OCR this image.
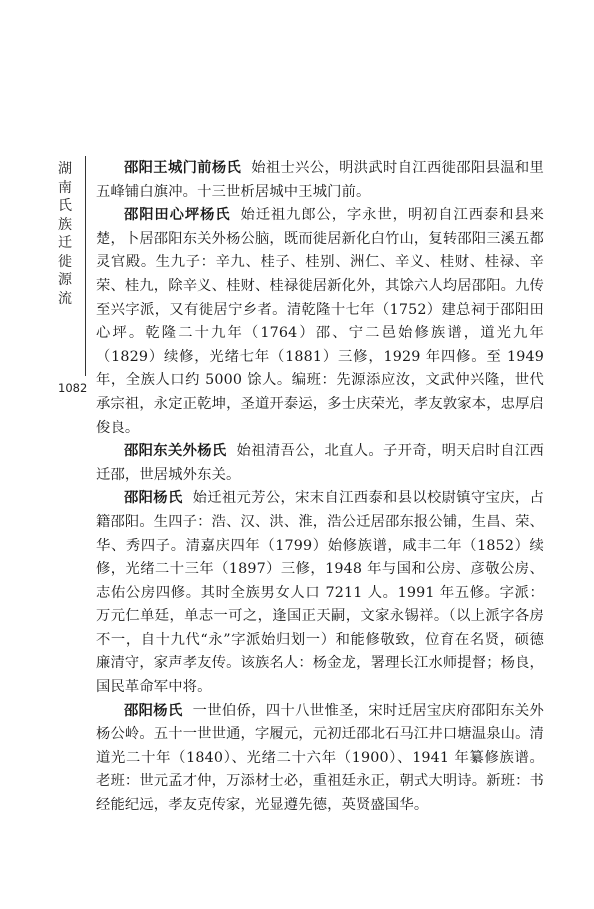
湖
南
氏
族
迁
徙
源
流
1082

邵阳王城门前杨氏 始祖士兴公，明洪武时自江西徙邵阳县温和里五峰铺白旗冲。十三世析居城中王城门前。

邵阳田心坪杨氏 始迁祖九郎公，字永世，明初自江西泰和县来楚，卜居邵阳东关外杨公脑，既而徙居新化白竹山，复转邵阳三溪五都灵官殿。生九子：辛九、桂子、桂别、洲仁、辛义、桂财、桂禄、辛荣、桂九，除辛义、桂财、桂禄徙居新化外，其馀六人均居邵阳。九传至兴字派，又有徙居宁乡者。清乾隆十七年（1752）建总祠于邵阳田心坪。乾隆二十九年（1764）邵、宁二邑始修族谱，道光九年（1829）续修，光绪七年（1881）三修，1929 年四修。至 1949 年，全族人口约 5000 馀人。编班：先源添应汝，文武仲兴隆，世代承宗祖，永定正乾坤，圣道开泰运，多士庆荣光，孝友敦家本，忠厚启俊良。

邵阳东关外杨氏 始祖清吾公，北直人。子开奇，明天启时自江西迁邵，世居城外东关。

邵阳杨氏 始迁祖元芳公，宋末自江西泰和县以校尉镇守宝庆，占籍邵阳。生四子：浩、汉、洪、淮，浩公迁居邵东报公铺，生昌、荣、华、秀四子。清嘉庆四年（1799）始修族谱，咸丰二年（1852）续修，光绪二十三年（1897）三修，1948 年与国和公房、彦敬公房、志佑公房四修。其时全族男女人口 7211 人。1991 年五修。字派：万元仁单廷，单志一可之，逢国正天嗣，文家永锡祥。（以上派字各房不一，自十九代“永”字派始归划一）和能修敬致，位育在名贤，硕德廉清守，家声孝友传。该族名人：杨金龙，署理长江水师提督；杨良，国民革命军中将。

邵阳杨氏 一世伯侨，四十八世惟圣，宋时迁居宝庆府邵阳东关外杨公岭。五十一世世通，字履元，元初迁邵北石马江井口塘温泉山。清道光二十年（1840）、光绪二十六年（1900）、1941 年纂修族谱。老班：世元孟才仲，万添材士必，重祖廷永正，朝式大明诗。新班：书经能纪远，孝友克传家，光显遵先德，英贤盛国华。
